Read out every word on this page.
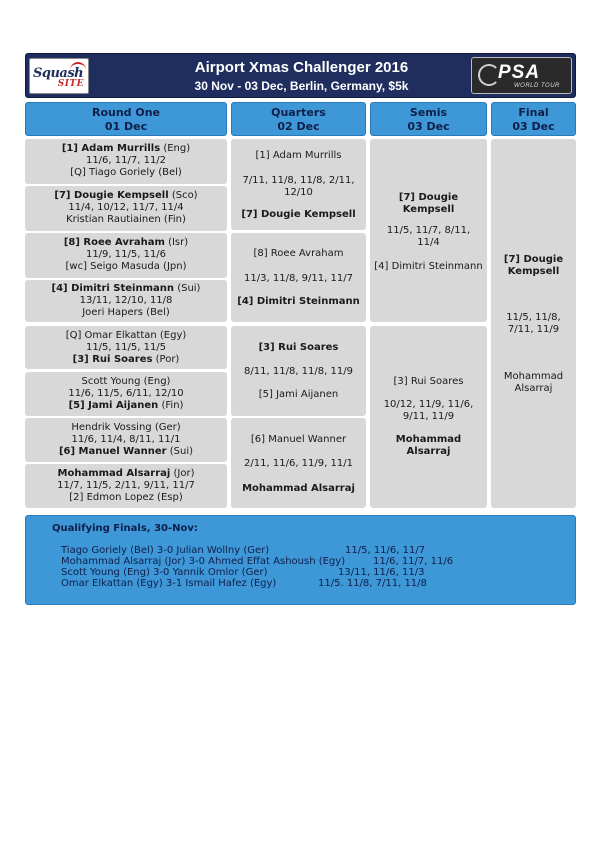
Squash
SITE
Airport Xmas Challenger 2016
30 Nov - 03 Dec, Berlin, Germany, $5k
PSA
WORLD TOUR
Round One
01 Dec
Quarters
02 Dec
Semis
03 Dec
Final
03 Dec

[1] Adam Murrills (Eng)

11/6, 11/7, 11/2

[Q] Tiago Goriely (Bel)

[7] Dougie Kempsell (Sco)

11/4, 10/12, 11/7, 11/4

Kristian Rautiainen (Fin)

[8] Roee Avraham (Isr)

11/9, 11/5, 11/6

[wc] Seigo Masuda (Jpn)

[4] Dimitri Steinmann (Sui)

13/11, 12/10, 11/8

Joeri Hapers (Bel)

[Q] Omar Elkattan (Egy)

11/5, 11/5, 11/5

[3] Rui Soares (Por)

Scott Young (Eng)

11/6, 11/5, 6/11, 12/10

[5] Jami Aijanen (Fin)

Hendrik Vossing (Ger)

11/6, 11/4, 8/11, 11/1

[6] Manuel Wanner (Sui)

Mohammad Alsarraj (Jor)

11/7, 11/5, 2/11, 9/11, 11/7

[2] Edmon Lopez (Esp)

[1] Adam Murrills

7/11, 11/8, 11/8, 2/11, 12/10

[7] Dougie Kempsell

[8] Roee Avraham

11/3, 11/8, 9/11, 11/7

[4] Dimitri Steinmann

[3] Rui Soares

8/11, 11/8, 11/8, 11/9

[5] Jami Aijanen

[6] Manuel Wanner

2/11, 11/6, 11/9, 11/1

Mohammad Alsarraj

[7] Dougie Kempsell

11/5, 11/7, 8/11, 11/4

[4] Dimitri Steinmann

[3] Rui Soares

10/12, 11/9, 11/6, 9/11, 11/9

Mohammad Alsarraj

[7] Dougie Kempsell

11/5, 11/8, 7/11, 11/9

Mohammad Alsarraj

Qualifying Finals, 30-Nov:
Tiago Goriely (Bel) 3-0 Julian Wollny (Ger)	11/5, 11/6, 11/7
Mohammad Alsarraj (Jor) 3-0 Ahmed Effat Ashoush (Egy)	11/6, 11/7, 11/6
Scott Young (Eng) 3-0 Yannik Omlor (Ger)	13/11, 11/6, 11/3
Omar Elkattan (Egy) 3-1 Ismail Hafez (Egy)	11/5. 11/8, 7/11, 11/8
